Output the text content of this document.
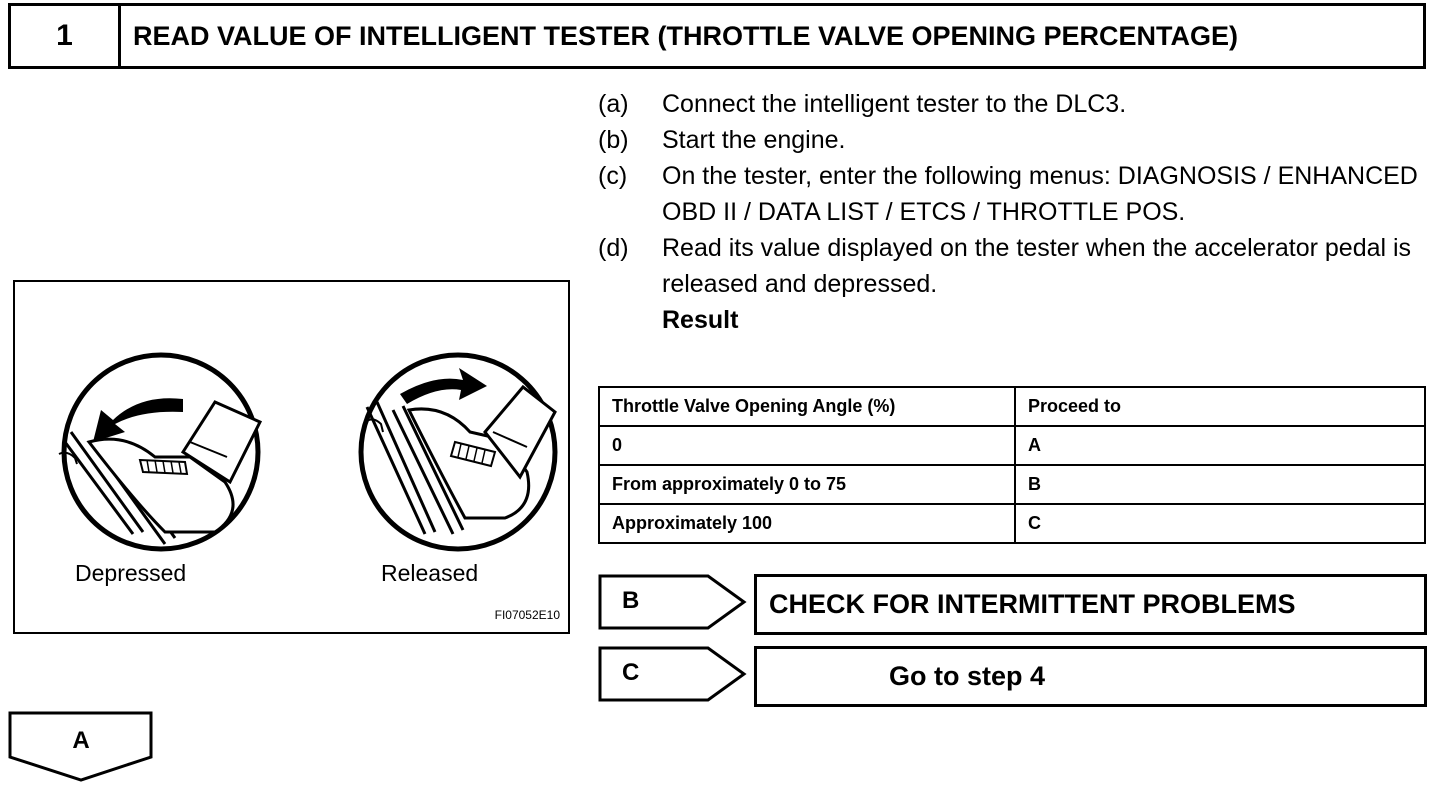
1	READ VALUE OF INTELLIGENT TESTER (THROTTLE VALVE OPENING PERCENTAGE)
(a)	Connect the intelligent tester to the DLC3.
(b)	Start the engine.
(c)	On the tester, enter the following menus: DIAGNOSIS / ENHANCED OBD II / DATA LIST / ETCS / THROTTLE POS.
(d)	Read its value displayed on the tester when the accelerator pedal is released and depressed.
Result
Throttle Valve Opening Angle (%)	Proceed to
0	A
From approximately 0 to 75	B
Approximately 100	C
Depressed	Released
FI07052E10
B	CHECK FOR INTERMITTENT PROBLEMS
C	Go to step 4
A
